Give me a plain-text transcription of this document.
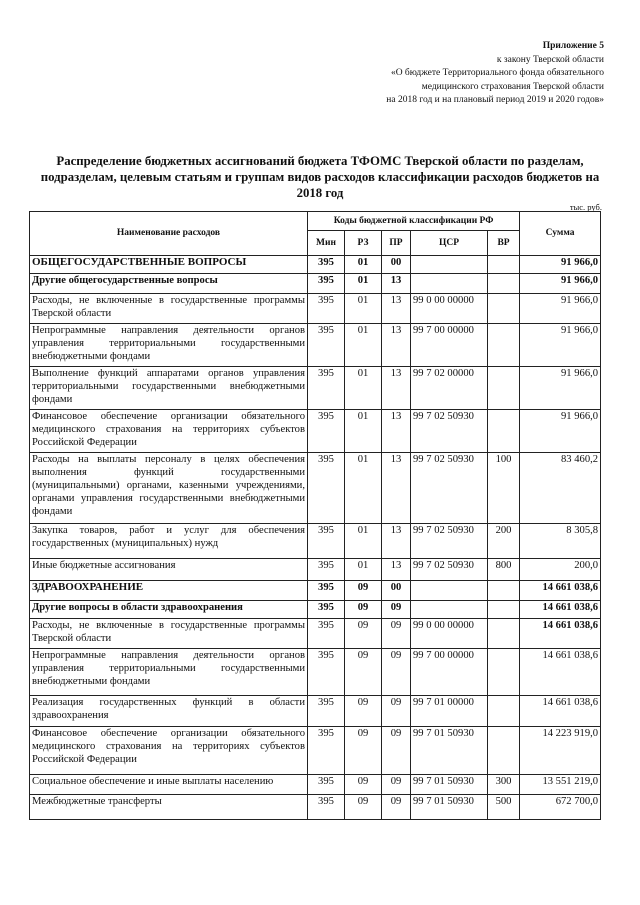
Приложение 5
к закону Тверской области
«О бюджете Территориального фонда обязательного
медицинского страхования Тверской области
на 2018 год и на плановый период 2019 и 2020 годов»
Распределение бюджетных ассигнований бюджета ТФОМС Тверской области по разделам, подразделам, целевым статьям и группам видов расходов классификации расходов бюджетов на 2018 год
тыс. руб.
Наименование расходов	Коды бюджетной классификации РФ					Сумма
	Мин	РЗ	ПР	ЦСР	ВР	
ОБЩЕГОСУДАРСТВЕННЫЕ ВОПРОСЫ	395	01	00			91 966,0
Другие общегосударственные вопросы	395	01	13			91 966,0
Расходы, не включенные в государственные программы Тверской области	395	01	13	99 0 00 00000		91 966,0
Непрограммные направления деятельности органов управления территориальными государственными внебюджетными фондами	395	01	13	99 7 00 00000		91 966,0
Выполнение функций аппаратами органов управления территориальными государственными внебюджетными фондами	395	01	13	99 7 02 00000		91 966,0
Финансовое обеспечение организации обязательного медицинского страхования на территориях субъектов Российской Федерации	395	01	13	99 7 02 50930		91 966,0
Расходы на выплаты персоналу в целях обеспечения выполнения функций государственными (муниципальными) органами, казенными учреждениями, органами управления государственными внебюджетными фондами	395	01	13	99 7 02 50930	100	83 460,2
Закупка товаров, работ и услуг для обеспечения государственных (муниципальных) нужд	395	01	13	99 7 02 50930	200	8 305,8
Иные бюджетные ассигнования	395	01	13	99 7 02 50930	800	200,0
ЗДРАВООХРАНЕНИЕ	395	09	00			14 661 038,6
Другие вопросы в области здравоохранения	395	09	09			14 661 038,6
Расходы, не включенные в государственные программы Тверской области	395	09	09	99 0 00 00000		14 661 038,6
Непрограммные направления деятельности органов управления территориальными государственными внебюджетными фондами	395	09	09	99 7 00 00000		14 661 038,6
Реализация государственных функций в области здравоохранения	395	09	09	99 7 01 00000		14 661 038,6
Финансовое обеспечение организации обязательного медицинского страхования на территориях субъектов Российской Федерации	395	09	09	99 7 01 50930		14 223 919,0
Социальное обеспечение и иные выплаты населению	395	09	09	99 7 01 50930	300	13 551 219,0
Межбюджетные трансферты	395	09	09	99 7 01 50930	500	672 700,0
